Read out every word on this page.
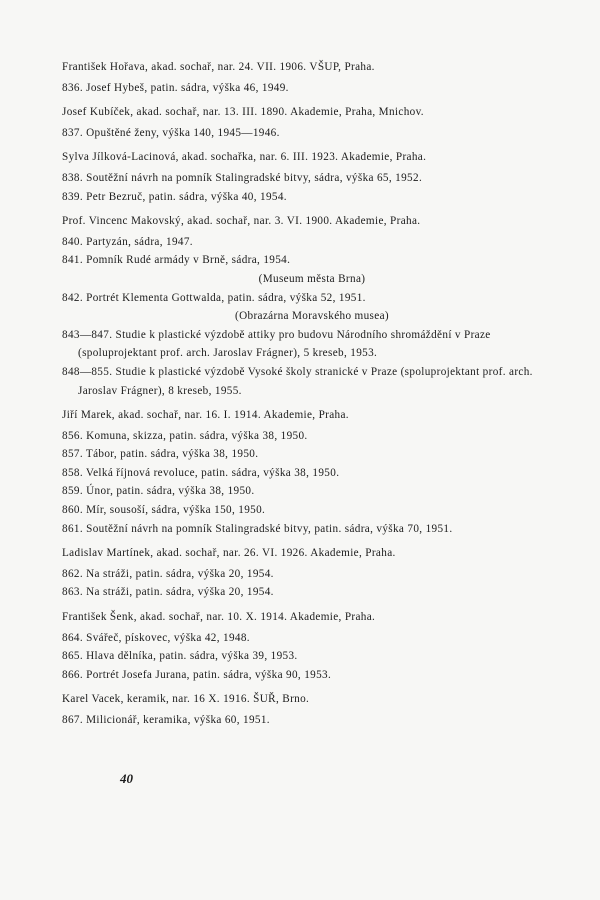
František Hořava, akad. sochař, nar. 24. VII. 1906. VŠUP, Praha.
836. Josef Hybeš, patin. sádra, výška 46, 1949.
Josef Kubíček, akad. sochař, nar. 13. III. 1890. Akademie, Praha, Mnichov.
837. Opuštěné ženy, výška 140, 1945—1946.
Sylva Jílková-Lacinová, akad. sochařka, nar. 6. III. 1923. Akademie, Praha.
838. Soutěžní návrh na pomník Stalingradské bitvy, sádra, výška 65, 1952.
839. Petr Bezruč, patin. sádra, výška 40, 1954.
Prof. Vincenc Makovský, akad. sochař, nar. 3. VI. 1900. Akademie, Praha.
840. Partyzán, sádra, 1947.
841. Pomník Rudé armády v Brně, sádra, 1954.
(Museum města Brna)
842. Portrét Klementa Gottwalda, patin. sádra, výška 52, 1951.
(Obrazárna Moravského musea)
843—847. Studie k plastické výzdobě attiky pro budovu Národního shromáždění v Praze (spoluprojektant prof. arch. Jaroslav Frágner), 5 kreseb, 1953.
848—855. Studie k plastické výzdobě Vysoké školy stranické v Praze (spoluprojektant prof. arch. Jaroslav Frágner), 8 kreseb, 1955.
Jiří Marek, akad. sochař, nar. 16. I. 1914. Akademie, Praha.
856. Komuna, skizza, patin. sádra, výška 38, 1950.
857. Tábor, patin. sádra, výška 38, 1950.
858. Velká říjnová revoluce, patin. sádra, výška 38, 1950.
859. Únor, patin. sádra, výška 38, 1950.
860. Mír, sousoší, sádra, výška 150, 1950.
861. Soutěžní návrh na pomník Stalingradské bitvy, patin. sádra, výška 70, 1951.
Ladislav Martínek, akad. sochař, nar. 26. VI. 1926. Akademie, Praha.
862. Na stráži, patin. sádra, výška 20, 1954.
863. Na stráži, patin. sádra, výška 20, 1954.
František Šenk, akad. sochař, nar. 10. X. 1914. Akademie, Praha.
864. Svářeč, pískovec, výška 42, 1948.
865. Hlava dělníka, patin. sádra, výška 39, 1953.
866. Portrét Josefa Jurana, patin. sádra, výška 90, 1953.
Karel Vacek, keramik, nar. 16 X. 1916. ŠUŘ, Brno.
867. Milicionář, keramika, výška 60, 1951.
40
